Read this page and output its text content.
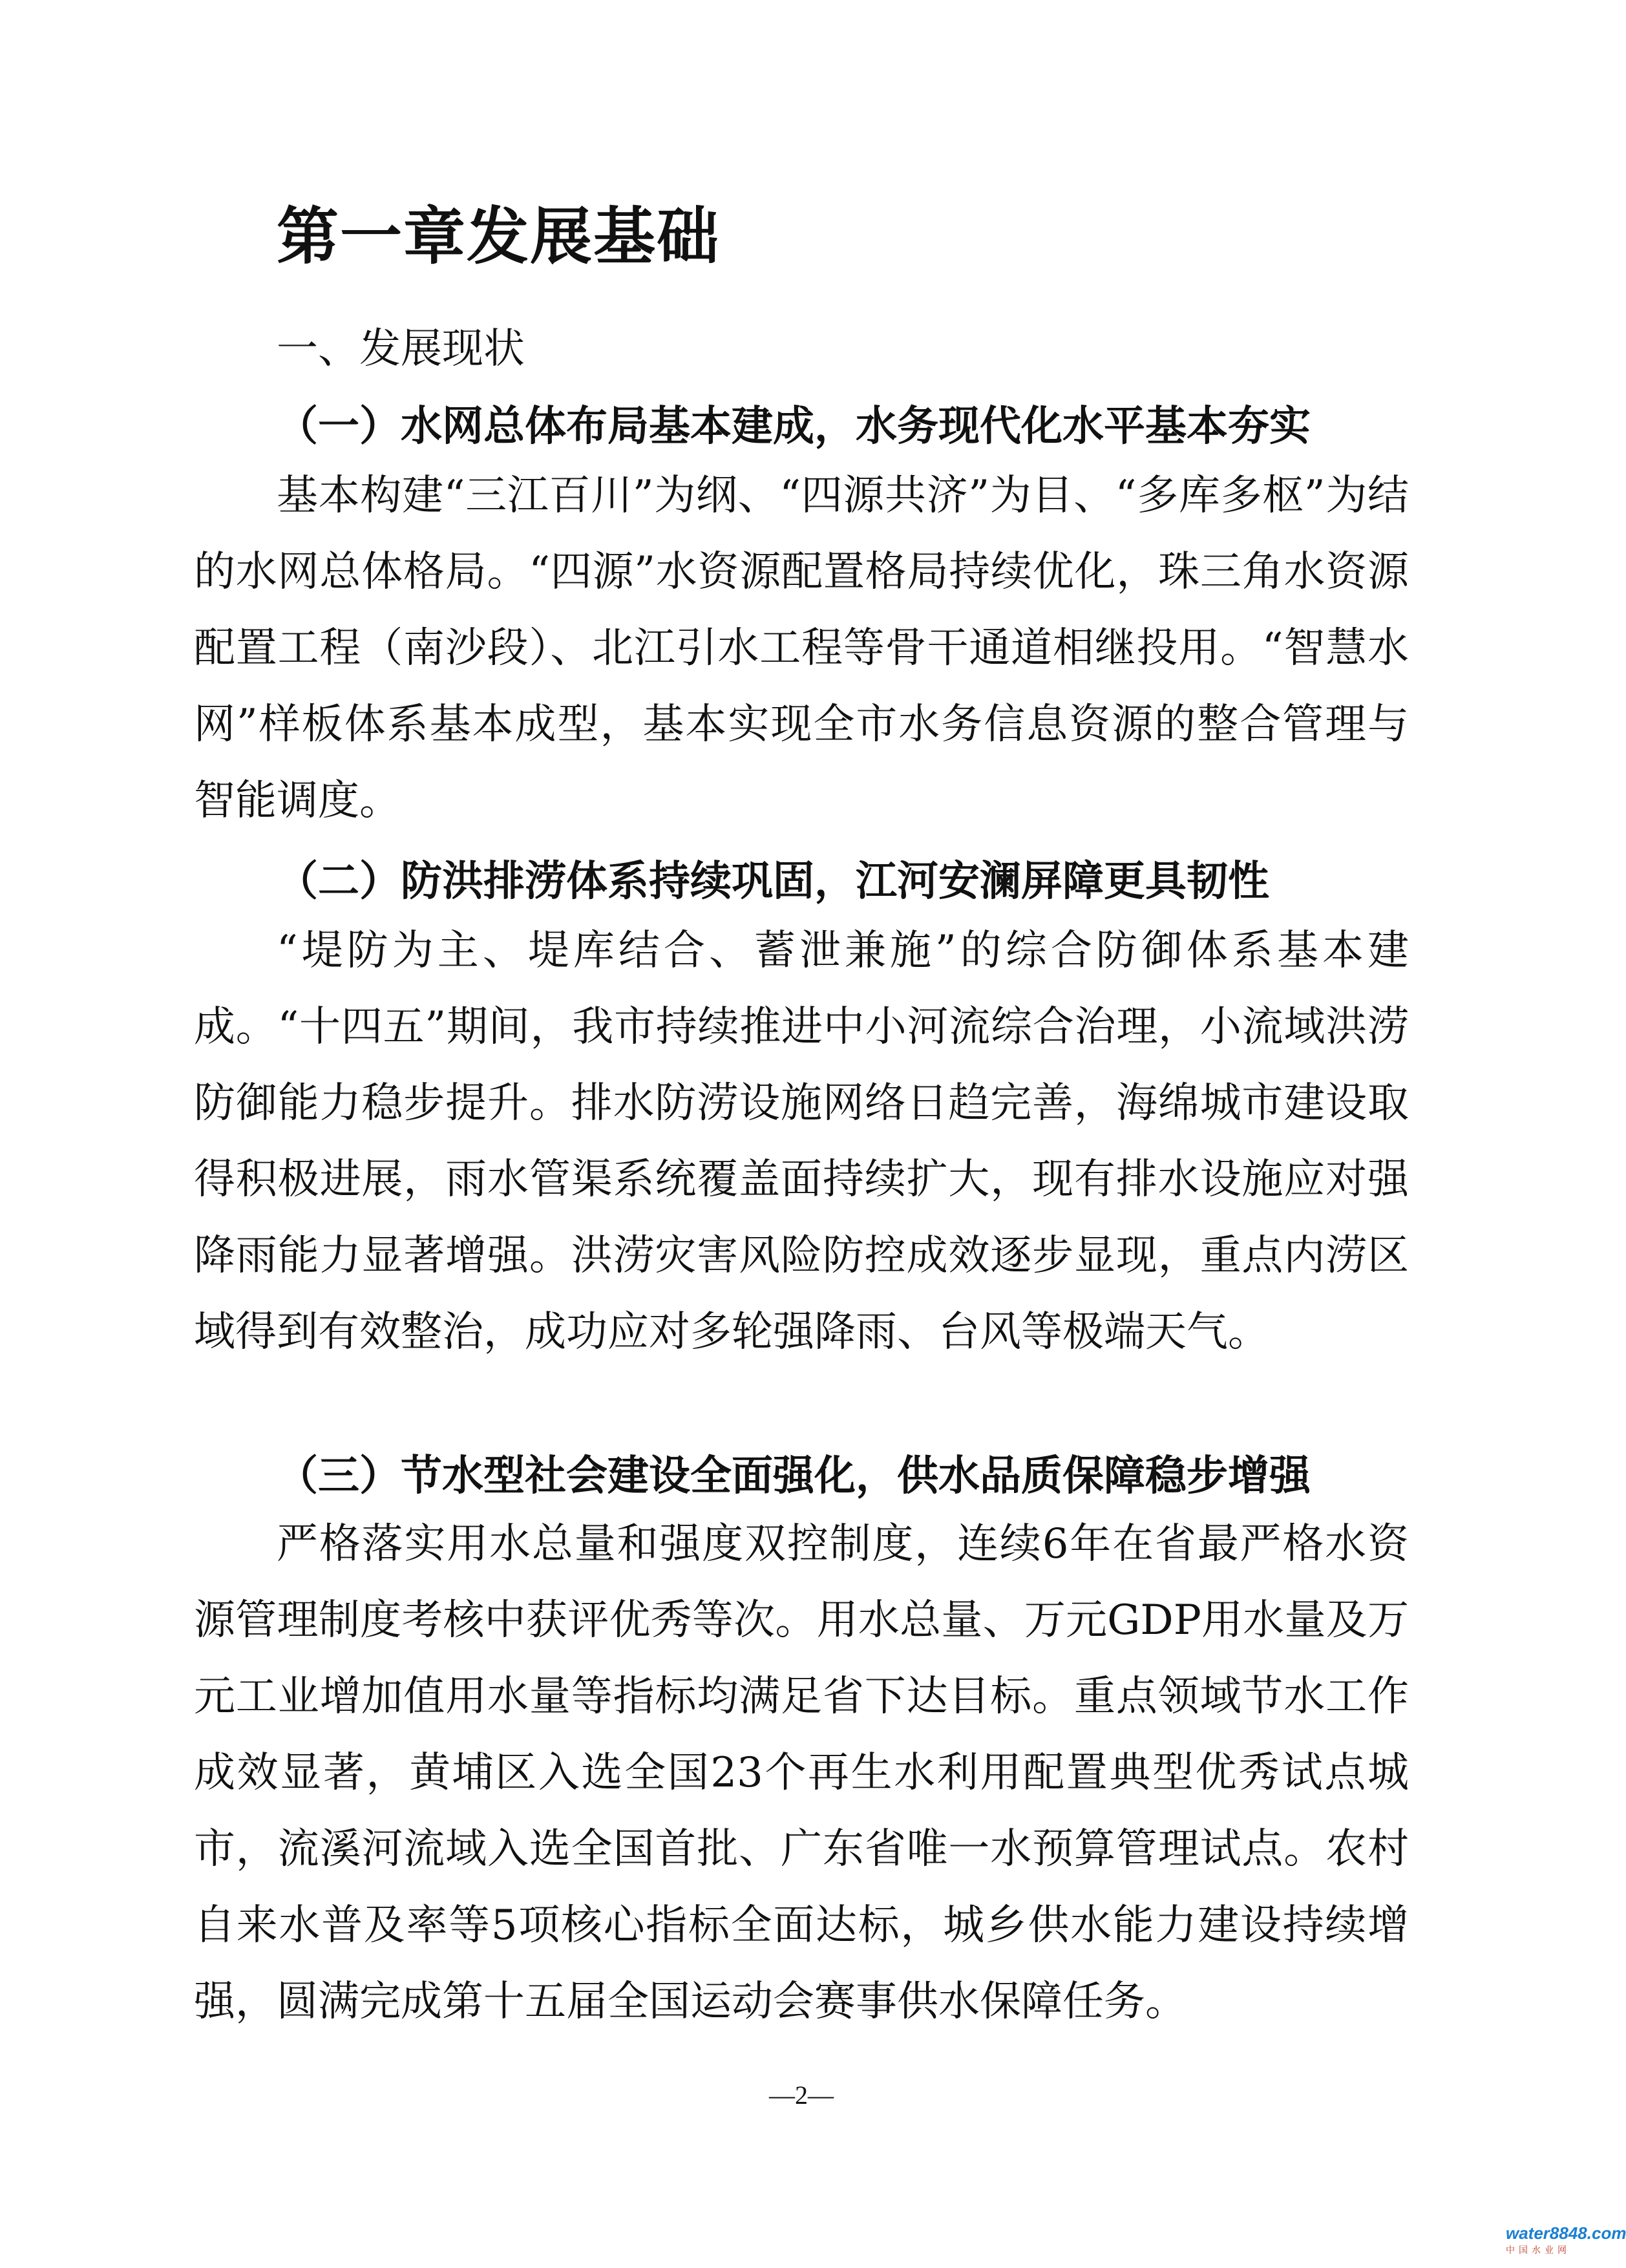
第一章发展基础
一、发展现状
（一）水网总体布局基本建成，水务现代化水平基本夯实

基本构建“三江百川”为纲、“四源共济”为目、“多库多枢”为结的水网总体格局。“四源”水资源配置格局持续优化，珠三角水资源配置工程（南沙段）、北江引水工程等骨干通道相继投用。“智慧水网”样板体系基本成型，基本实现全市水务信息资源的整合管理与智能调度。

（二）防洪排涝体系持续巩固，江河安澜屏障更具韧性

“堤防为主、堤库结合、蓄泄兼施”的综合防御体系基本建成。“十四五”期间，我市持续推进中小河流综合治理，小流域洪涝防御能力稳步提升。排水防涝设施网络日趋完善，海绵城市建设取得积极进展，雨水管渠系统覆盖面持续扩大，现有排水设施应对强降雨能力显著增强。洪涝灾害风险防控成效逐步显现，重点内涝区域得到有效整治，成功应对多轮强降雨、台风等极端天气。

（三）节水型社会建设全面强化，供水品质保障稳步增强

严格落实用水总量和强度双控制度，连续6年在省最严格水资源管理制度考核中获评优秀等次。用水总量、万元GDP用水量及万元工业增加值用水量等指标均满足省下达目标。重点领域节水工作成效显著，黄埔区入选全国23个再生水利用配置典型优秀试点城市，流溪河流域入选全国首批、广东省唯一水预算管理试点。农村自来水普及率等5项核心指标全面达标，城乡供水能力建设持续增强，圆满完成第十五届全国运动会赛事供水保障任务。

—2—
water8848.com
中国水业网
